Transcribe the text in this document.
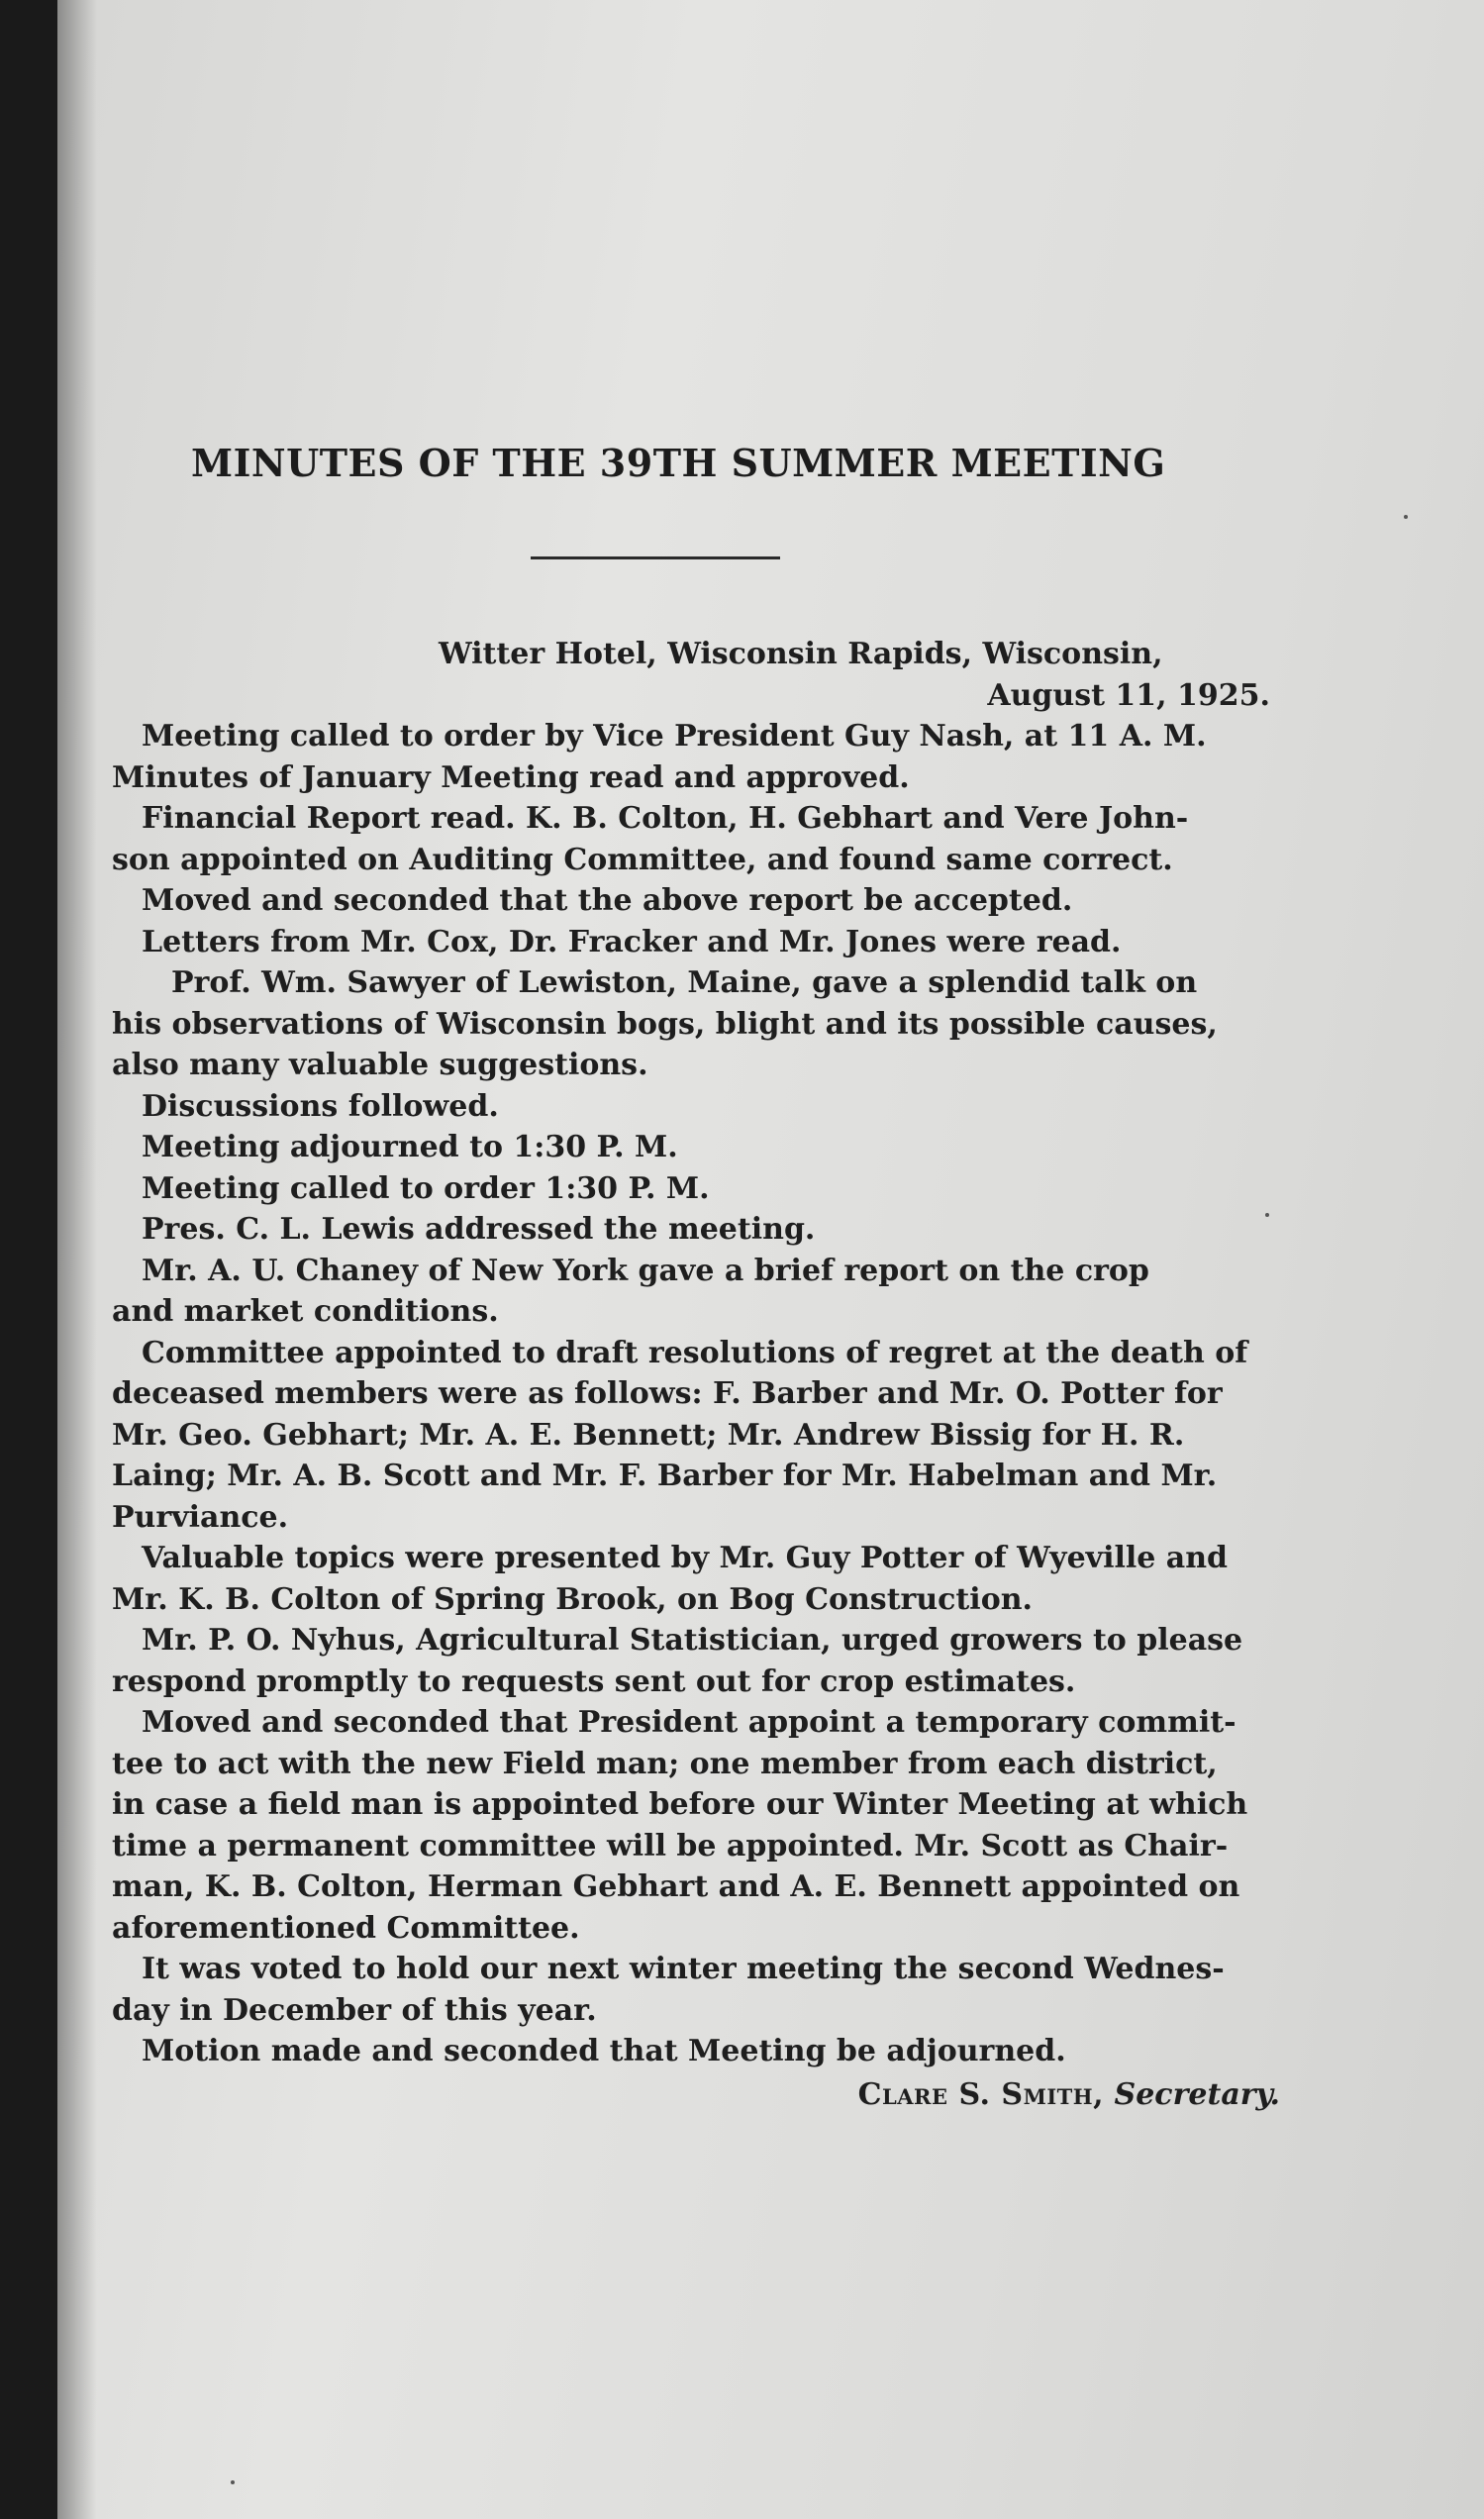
MINUTES OF THE 39TH SUMMER MEETING
Witter Hotel, Wisconsin Rapids, Wisconsin,
August 11, 1925.
Meeting called to order by Vice President Guy Nash, at 11 A. M.
Minutes of January Meeting read and approved.
Financial Report read. K. B. Colton, H. Gebhart and Vere John-
son appointed on Auditing Committee, and found same correct.
Moved and seconded that the above report be accepted.
Letters from Mr. Cox, Dr. Fracker and Mr. Jones were read.
Prof. Wm. Sawyer of Lewiston, Maine, gave a splendid talk on
his observations of Wisconsin bogs, blight and its possible causes,
also many valuable suggestions.
Discussions followed.
Meeting adjourned to 1:30 P. M.
Meeting called to order 1:30 P. M.
Pres. C. L. Lewis addressed the meeting.
Mr. A. U. Chaney of New York gave a brief report on the crop
and market conditions.
Committee appointed to draft resolutions of regret at the death of
deceased members were as follows: F. Barber and Mr. O. Potter for
Mr. Geo. Gebhart; Mr. A. E. Bennett; Mr. Andrew Bissig for H. R.
Laing; Mr. A. B. Scott and Mr. F. Barber for Mr. Habelman and Mr.
Purviance.
Valuable topics were presented by Mr. Guy Potter of Wyeville and
Mr. K. B. Colton of Spring Brook, on Bog Construction.
Mr. P. O. Nyhus, Agricultural Statistician, urged growers to please
respond promptly to requests sent out for crop estimates.
Moved and seconded that President appoint a temporary commit-
tee to act with the new Field man; one member from each district,
in case a field man is appointed before our Winter Meeting at which
time a permanent committee will be appointed. Mr. Scott as Chair-
man, K. B. Colton, Herman Gebhart and A. E. Bennett appointed on
aforementioned Committee.
It was voted to hold our next winter meeting the second Wednes-
day in December of this year.
Motion made and seconded that Meeting be adjourned.
Clare S. Smith, Secretary.
